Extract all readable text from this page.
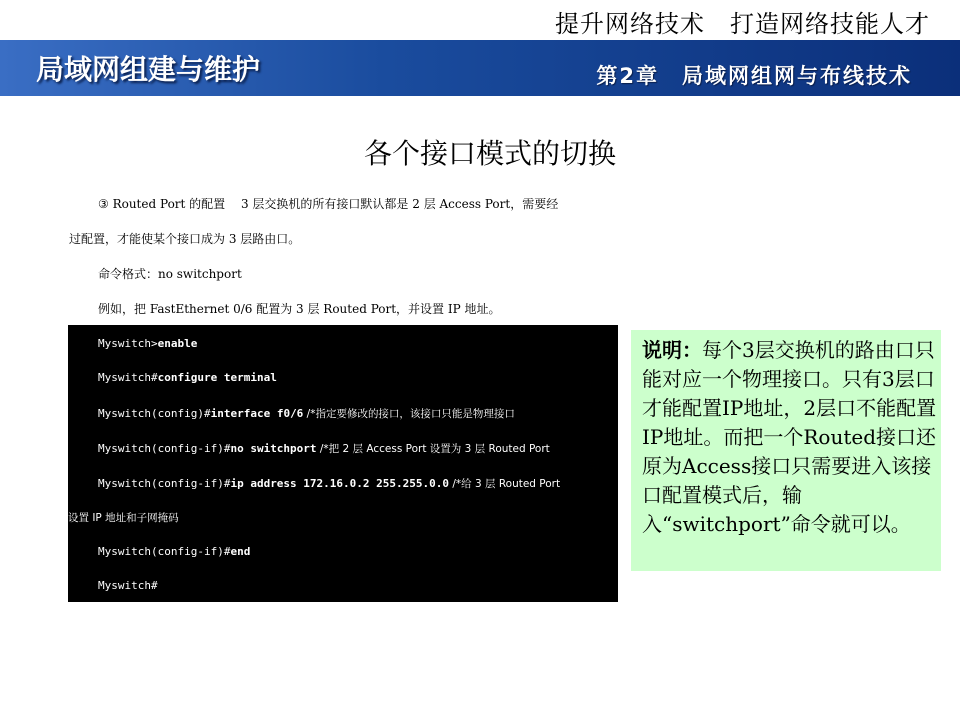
提升网络技术　打造网络技能人才
局域网组建与维护	第2章　局域网组网与布线技术
各个接口模式的切换
③ Routed Port 的配置　 3 层交换机的所有接口默认都是 2 层 Access Port，需要经
过配置，才能使某个接口成为 3 层路由口。
命令格式：no switchport
例如，把 FastEthernet 0/6 配置为 3 层 Routed Port，并设置 IP 地址。
Myswitch>enable
Myswitch#configure terminal
Myswitch(config)#interface f0/6 /*指定要修改的接口，该接口只能是物理接口
Myswitch(config-if)#no switchport /*把 2 层 Access Port 设置为 3 层 Routed Port
Myswitch(config-if)#ip address 172.16.0.2 255.255.0.0 /*给 3 层 Routed Port
设置 IP 地址和子网掩码
Myswitch(config-if)#end
Myswitch#
说明：每个3层交换机的路由口只能对应一个物理接口。只有3层口才能配置IP地址，2层口不能配置IP地址。而把一个Routed接口还原为Access接口只需要进入该接口配置模式后，输入“switchport”命令就可以。
